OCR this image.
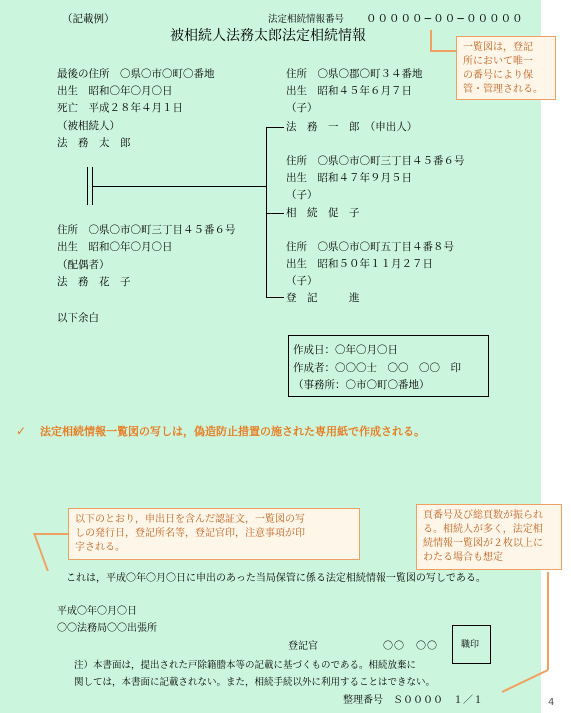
（記載例）	法定相続情報番号 ０００００−００−０００００
被相続人法務太郎法定相続情報
最後の住所　〇県〇市〇町〇番地
出生　昭和〇年〇月〇日
死亡　平成２８年４月１日
（被相続人）
法　務　太　郎
住所　〇県〇市〇町三丁目４５番６号
出生　昭和〇年〇月〇日
（配偶者）
法　務　花　子
以下余白
住所　〇県〇郡〇町３４番地
出生　昭和４５年６月７日
（子）
法　務　一　郎　（申出人）
住所　〇県〇市〇町三丁目４５番６号
出生　昭和４７年９月５日
（子）
相　続　促　子
住所　〇県〇市〇町五丁目４番８号
出生　昭和５０年１１月２７日
（子）
登　記　　　進
作成日：〇年〇月〇日
作成者：〇〇〇士　〇〇　〇〇　印
（事務所：〇市〇町〇番地）
✓ 法定相続情報一覧図の写しは，偽造防止措置の施された専用紙で作成される。
これは，平成〇年〇月〇日に申出のあった当局保管に係る法定相続情報一覧図の写しである。
平成〇年〇月〇日
〇〇法務局〇〇出張所
登記官	〇〇　〇〇	職印
注）本書面は，提出された戸除籍謄本等の記載に基づくものである。相続放棄に
関しては，本書面に記載されない。また，相続手続以外に利用することはできない。
整理番号　Ｓ００００　１／１
一覧図は，登記
所において唯一
の番号により保
管・管理される。
以下のとおり，申出日を含んだ認証文，一覧図の写
しの発行日，登記所名等，登記官印，注意事項が印
字される。
頁番号及び総頁数が振られ
る。相続人が多く，法定相
続情報一覧図が２枚以上に
わたる場合も想定
4
